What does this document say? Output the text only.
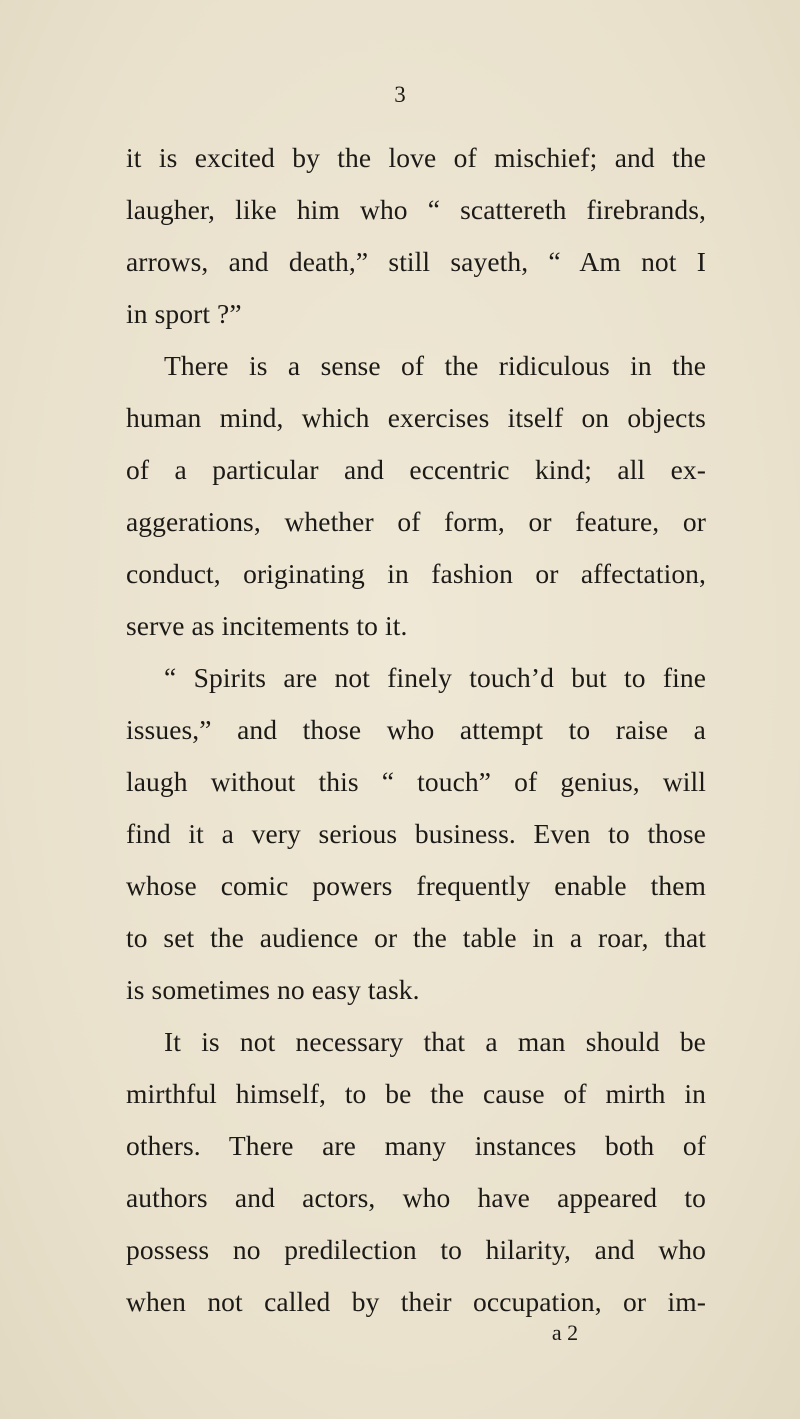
3
it is excited by the love of mischief; and the
laugher, like him who “ scattereth firebrands,
arrows, and death,” still sayeth, “ Am not I
in sport ?”
There is a sense of the ridiculous in the
human mind, which exercises itself on objects
of a particular and eccentric kind; all ex-
aggerations, whether of form, or feature, or
conduct, originating in fashion or affectation,
serve as incitements to it.
“ Spirits are not finely touch’d but to fine
issues,” and those who attempt to raise a
laugh without this “ touch” of genius, will
find it a very serious business. Even to those
whose comic powers frequently enable them
to set the audience or the table in a roar, that
is sometimes no easy task.
It is not necessary that a man should be
mirthful himself, to be the cause of mirth in
others. There are many instances both of
authors and actors, who have appeared to
possess no predilection to hilarity, and who
when not called by their occupation, or im-
a 2
